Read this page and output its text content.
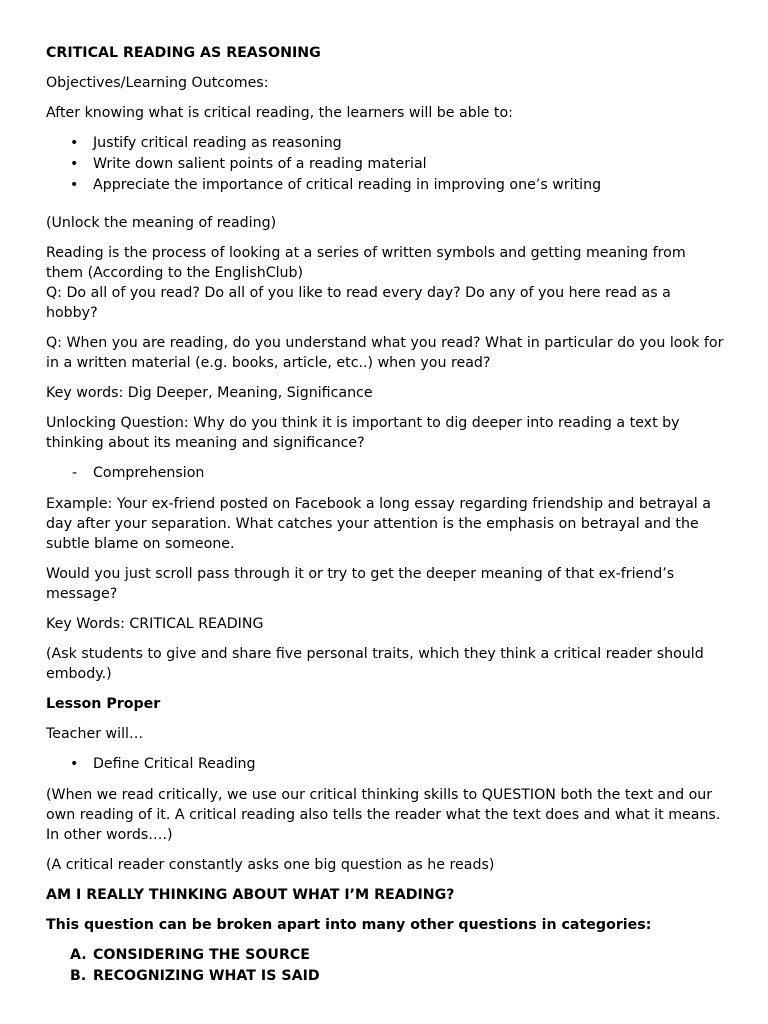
CRITICAL READING AS REASONING

Objectives/Learning Outcomes:

After knowing what is critical reading, the learners will be able to:

• Justify critical reading as reasoning
• Write down salient points of a reading material
• Appreciate the importance of critical reading in improving one’s writing

(Unlock the meaning of reading)

Reading is the process of looking at a series of written symbols and getting meaning from them (According to the EnglishClub)

Q: Do all of you read? Do all of you like to read every day? Do any of you here read as a hobby?

Q: When you are reading, do you understand what you read? What in particular do you look for in a written material (e.g. books, article, etc..) when you read?

Key words: Dig Deeper, Meaning, Significance

Unlocking Question: Why do you think it is important to dig deeper into reading a text by thinking about its meaning and significance?

- Comprehension

Example: Your ex-friend posted on Facebook a long essay regarding friendship and betrayal a day after your separation. What catches your attention is the emphasis on betrayal and the subtle blame on someone.

Would you just scroll pass through it or try to get the deeper meaning of that ex-friend’s message?

Key Words: CRITICAL READING

(Ask students to give and share five personal traits, which they think a critical reader should embody.)

Lesson Proper

Teacher will…

• Define Critical Reading

(When we read critically, we use our critical thinking skills to QUESTION both the text and our own reading of it. A critical reading also tells the reader what the text does and what it means. In other words….)

(A critical reader constantly asks one big question as he reads)

AM I REALLY THINKING ABOUT WHAT I’M READING?

This question can be broken apart into many other questions in categories:

A. CONSIDERING THE SOURCE
B. RECOGNIZING WHAT IS SAID
